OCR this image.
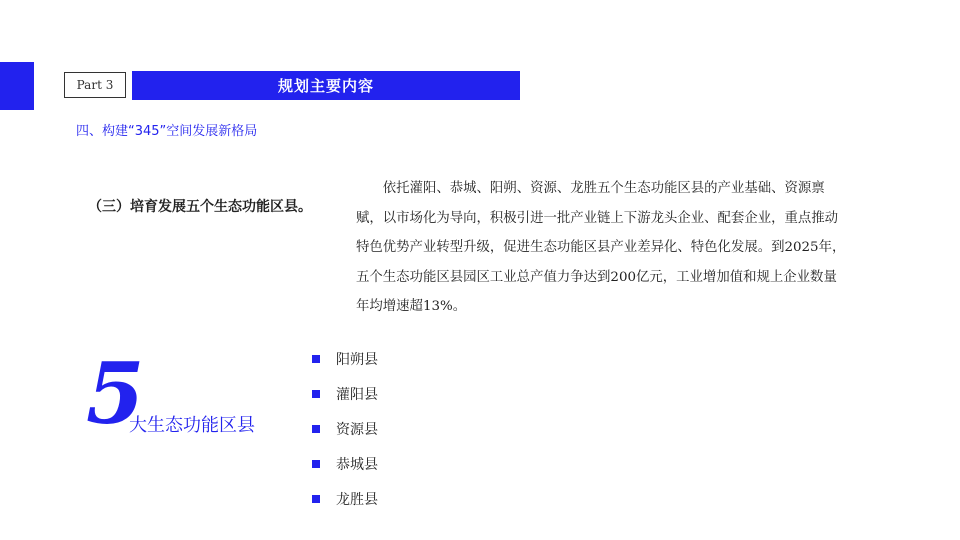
Part 3	规划主要内容
四、构建“345”空间发展新格局
（三）培育发展五个生态功能区县。

依托灌阳、恭城、阳朔、资源、龙胜五个生态功能区县的产业基础、资源禀赋，以市场化为导向，积极引进一批产业链上下游龙头企业、配套企业，重点推动特色优势产业转型升级，促进生态功能区县产业差异化、特色化发展。到2025年，五个生态功能区县园区工业总产值力争达到200亿元，工业增加值和规上企业数量年均增速超13%。

5
大生态功能区县
阳朔县
灌阳县
资源县
恭城县
龙胜县
